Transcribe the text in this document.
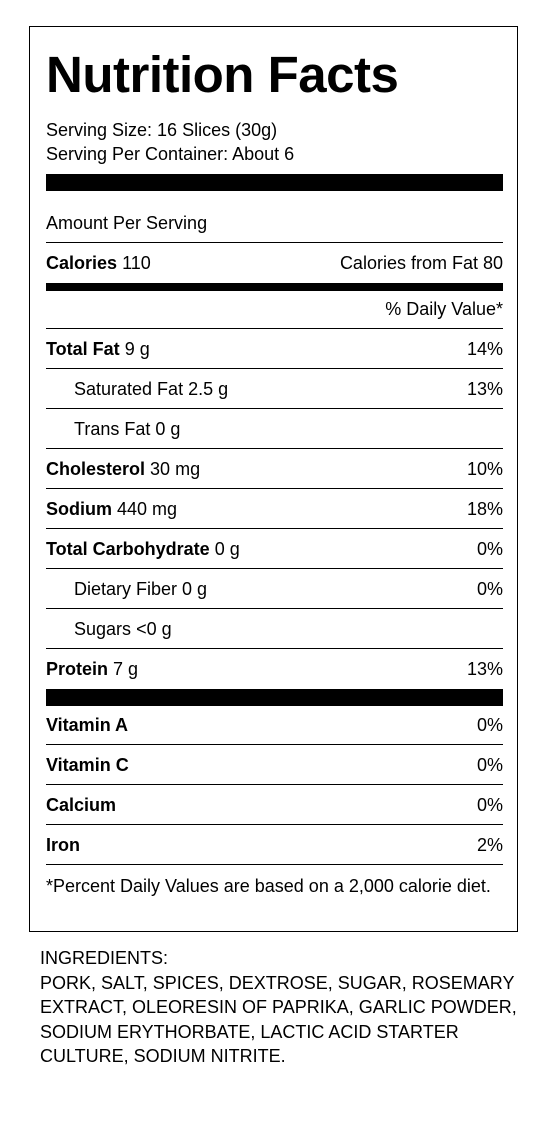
Nutrition Facts
Serving Size: 16 Slices (30g)
Serving Per Container: About 6
Amount Per Serving
Calories 110	Calories from Fat 80
% Daily Value*
Total Fat 9 g	14%
Saturated Fat 2.5 g	13%
Trans Fat 0 g
Cholesterol 30 mg	10%
Sodium 440 mg	18%
Total Carbohydrate 0 g	0%
Dietary Fiber 0 g	0%
Sugars <0 g
Protein 7 g	13%
Vitamin A	0%
Vitamin C	0%
Calcium	0%
Iron	2%
*Percent Daily Values are based on a 2,000 calorie diet.
INGREDIENTS:
PORK, SALT, SPICES, DEXTROSE, SUGAR, ROSEMARY EXTRACT, OLEORESIN OF PAPRIKA, GARLIC POWDER, SODIUM ERYTHORBATE, LACTIC ACID STARTER CULTURE, SODIUM NITRITE.
